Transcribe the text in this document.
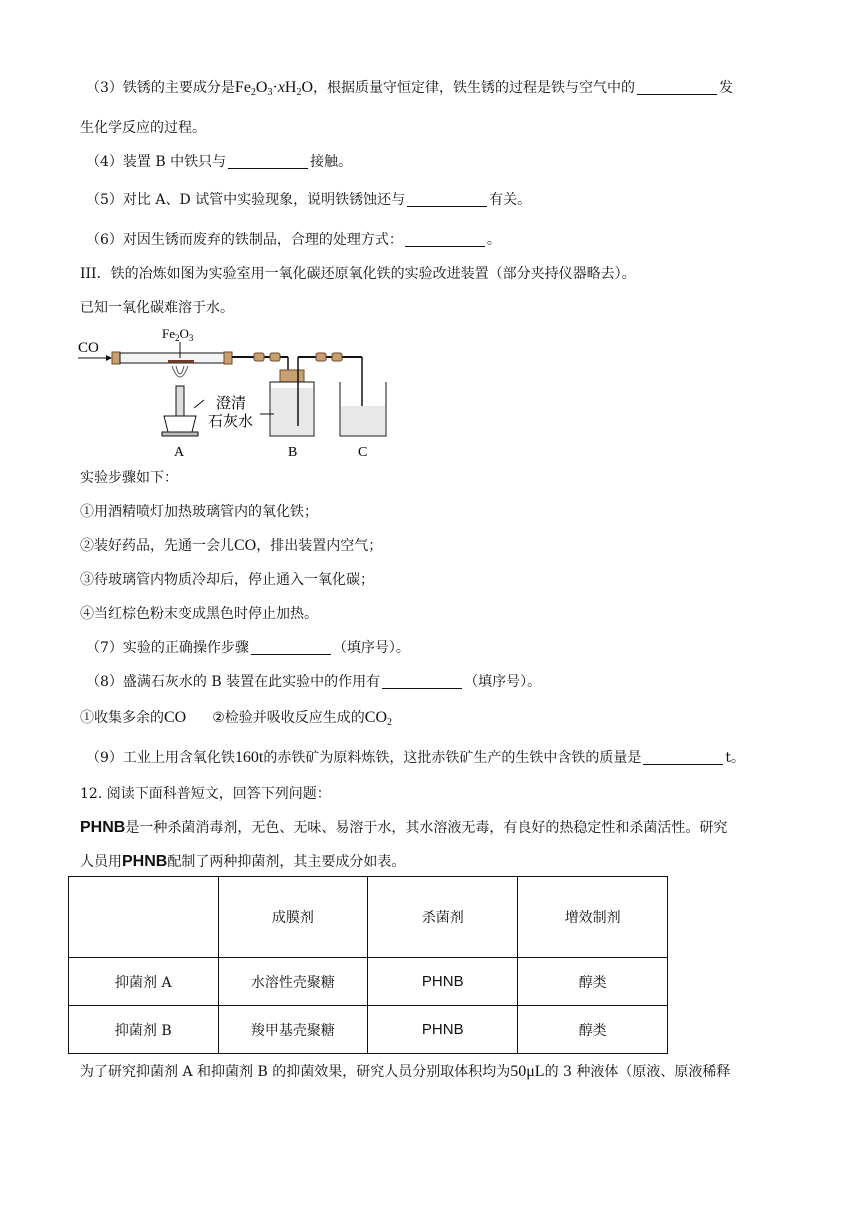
（3）铁锈的主要成分是$Fe_2O_3\cdot xH_2O$，根据质量守恒定律，铁生锈的过程是铁与空气中的	发
生化学反应的过程。
（4）装置 B 中铁只与	接触。
（5）对比 A、D 试管中实验现象，说明铁锈蚀还与	有关。
（6）对因生锈而废弃的铁制品，合理的处理方式：	。
III．铁的冶炼如图为实验室用一氧化碳还原氧化铁的实验改进装置（部分夹持仪器略去）。
已知一氧化碳难溶于水。
CO
$Fe_2O_3$
澄清
石灰水
A	B	C
实验步骤如下：
①用酒精喷灯加热玻璃管内的氧化铁；
②装好药品，先通一会儿CO，排出装置内空气；
③待玻璃管内物质冷却后，停止通入一氧化碳；
④当红棕色粉末变成黑色时停止加热。
（7）实验的正确操作步骤	（填序号）。
（8）盛满石灰水的 B 装置在此实验中的作用有	（填序号）。
①收集多余的CO ②检验并吸收反应生成的$CO_2$
（9）工业上用含氧化铁160t的赤铁矿为原料炼铁，这批赤铁矿生产的生铁中含铁的质量是	t。
12. 阅读下面科普短文，回答下列问题：
PHNB是一种杀菌消毒剂，无色、无味、易溶于水，其水溶液无毒，有良好的热稳定性和杀菌活性。研究
人员用PHNB配制了两种抑菌剂，其主要成分如表。
	成膜剂	杀菌剂	增效制剂
抑菌剂 A	水溶性壳聚糖	PHNB	醇类
抑菌剂 B	羧甲基壳聚糖	PHNB	醇类
为了研究抑菌剂 A 和抑菌剂 B 的抑菌效果，研究人员分别取体积均为50μL的 3 种液体（原液、原液稀释
